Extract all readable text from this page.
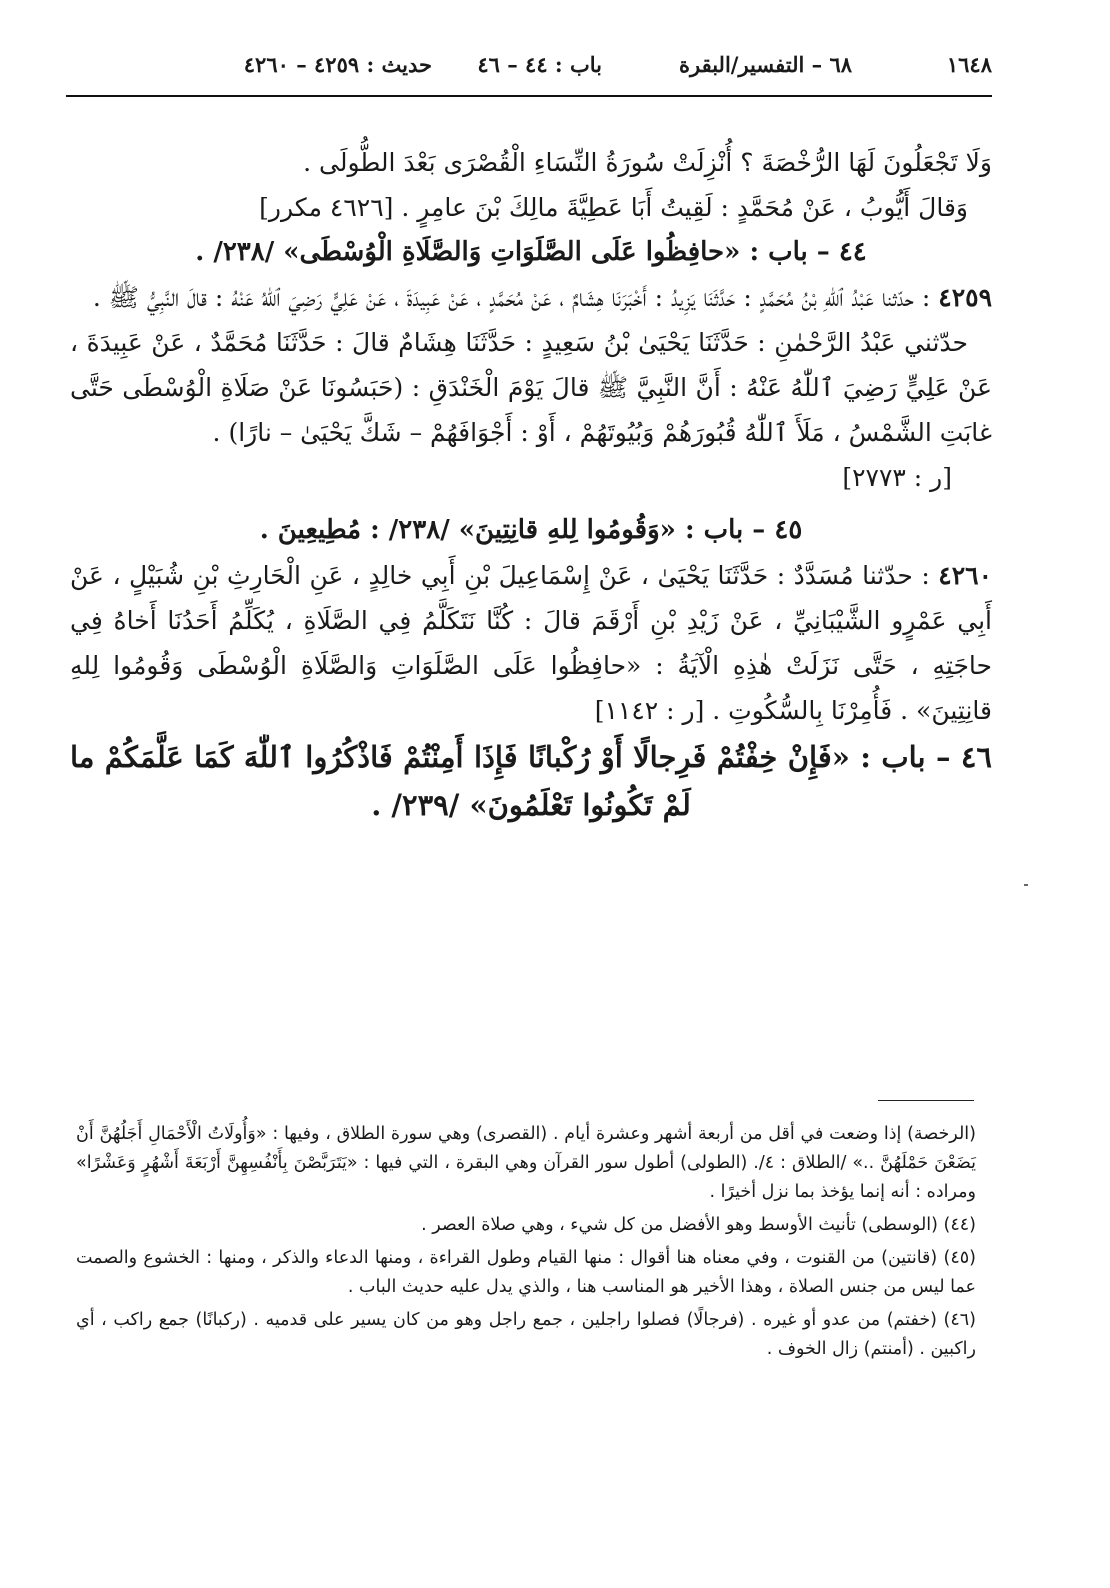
١٦٤٨
٦٨ – التفسير/البقرة
باب : ٤٤ – ٤٦
حديث : ٤٢٥٩ – ٤٢٦٠

وَلَا تَجْعَلُونَ لَهَا الرُّخْصَةَ ؟ أُنْزِلَتْ سُورَةُ النِّسَاءِ الْقُصْرَى بَعْدَ الطُّولَى .

وَقالَ أَيُّوبُ ، عَنْ مُحَمَّدٍ : لَقِيتُ أَبَا عَطِيَّةَ مالِكَ بْنَ عامِرٍ . [٤٦٢٦ مكرر]

٤٤ – باب : «حافِظُوا عَلَى الصَّلَوَاتِ وَالصَّلَاةِ الْوُسْطَى» /٢٣٨/ .

٤٢٥٩ : حدّثنا عَبْدُ ٱللهِ بْنُ مُحَمَّدٍ : حَدَّثَنَا يَزِيدُ : أَخْبَرَنَا هِشَامٌ ، عَنْ مُحَمَّدٍ ، عَنْ عَبِيدَةَ ، عَنْ عَلِيٍّ رَضِيَ ٱللّٰهُ عَنْهُ : قالَ النَّبِيُّ ﷺ .

حدّثني عَبْدُ الرَّحْمٰنِ : حَدَّثَنَا يَحْيَىٰ بْنُ سَعِيدٍ : حَدَّثَنَا هِشَامٌ قالَ : حَدَّثَنَا مُحَمَّدٌ ، عَنْ عَبِيدَةَ ، عَنْ عَلِيٍّ رَضِيَ ٱللّٰهُ عَنْهُ : أَنَّ النَّبِيَّ ﷺ قالَ يَوْمَ الْخَنْدَقِ : (حَبَسُونَا عَنْ صَلَاةِ الْوُسْطَى حَتَّى غابَتِ الشَّمْسُ ، مَلَأَ ٱللّٰهُ قُبُورَهُمْ وَبُيُوتَهُمْ ، أَوْ : أَجْوَافَهُمْ – شَكَّ يَحْيَىٰ – نارًا) .

[ر : ٢٧٧٣]

٤٥ – باب : «وَقُومُوا لِلهِ قانِتِينَ» /٢٣٨/ : مُطِيعِينَ .

٤٢٦٠ : حدّثنا مُسَدَّدٌ : حَدَّثَنَا يَحْيَىٰ ، عَنْ إِسْمَاعِيلَ بْنِ أَبِي خالِدٍ ، عَنِ الْحَارِثِ بْنِ شُبَيْلٍ ، عَنْ أَبِي عَمْرٍو الشَّيْبَانِيِّ ، عَنْ زَيْدِ بْنِ أَرْقَمَ قالَ : كُنَّا نَتَكَلَّمُ فِي الصَّلَاةِ ، يُكَلِّمُ أَحَدُنَا أَخاهُ فِي حاجَتِهِ ، حَتَّى نَزَلَتْ هٰذِهِ الْآيَةُ : «حافِظُوا عَلَى الصَّلَوَاتِ وَالصَّلَاةِ الْوُسْطَى وَقُومُوا لِلهِ قانِتِينَ» . فَأُمِرْنَا بِالسُّكُوتِ . [ر : ١١٤٢]

٤٦ – باب : «فَإِنْ خِفْتُمْ فَرِجالًا أَوْ رُكْبانًا فَإِذَا أَمِنْتُمْ فَاذْكُرُوا ٱللّٰهَ كَمَا عَلَّمَكُمْ ما لَمْ تَكُونُوا تَعْلَمُونَ» /٢٣٩/ .

(الرخصة) إذا وضعت في أقل من أربعة أشهر وعشرة أيام . (القصرى) وهي سورة الطلاق ، وفيها : «وَأُولَاتُ الْأَحْمَالِ أَجَلُهُنَّ أَنْ يَضَعْنَ حَمْلَهُنَّ ..» /الطلاق : ٤/. (الطولى) أطول سور القرآن وهي البقرة ، التي فيها : «يَتَرَبَّصْنَ بِأَنْفُسِهِنَّ أَرْبَعَةَ أَشْهُرٍ وَعَشْرًا» ومراده : أنه إنما يؤخذ بما نزل أخيرًا .

(٤٤) (الوسطى) تأنيث الأوسط وهو الأفضل من كل شيء ، وهي صلاة العصر .

(٤٥) (قانتين) من القنوت ، وفي معناه هنا أقوال : منها القيام وطول القراءة ، ومنها الدعاء والذكر ، ومنها : الخشوع والصمت عما ليس من جنس الصلاة ، وهذا الأخير هو المناسب هنا ، والذي يدل عليه حديث الباب .

(٤٦) (خفتم) من عدو أو غيره . (فرجالًا) فصلوا راجلين ، جمع راجل وهو من كان يسير على قدميه . (ركبانًا) جمع راكب ، أي راكبين . (أمنتم) زال الخوف .
